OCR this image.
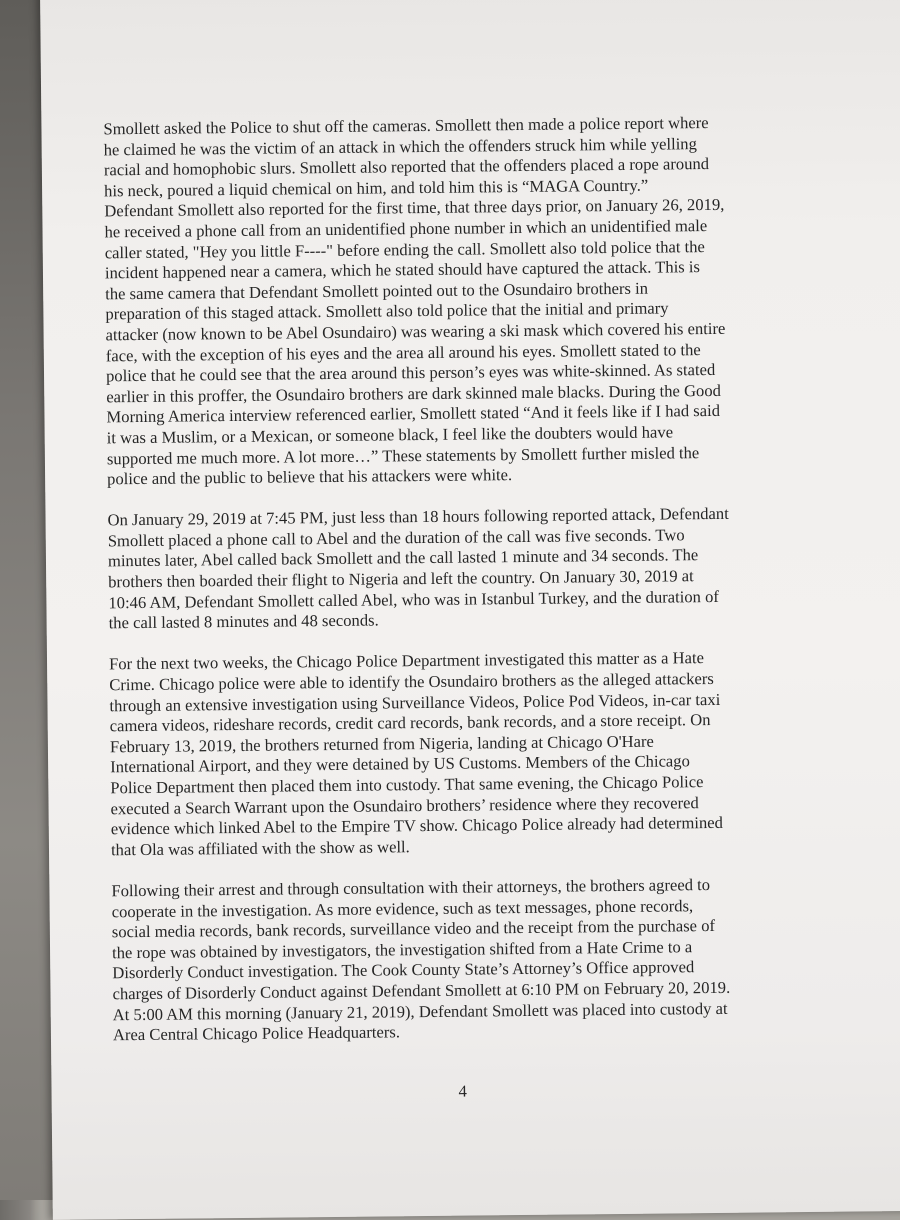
Smollett asked the Police to shut off the cameras. Smollett then made a police report where
he claimed he was the victim of an attack in which the offenders struck him while yelling
racial and homophobic slurs. Smollett also reported that the offenders placed a rope around
his neck, poured a liquid chemical on him, and told him this is “MAGA Country.”
Defendant Smollett also reported for the first time, that three days prior, on January 26, 2019,
he received a phone call from an unidentified phone number in which an unidentified male
caller stated, "Hey you little F----" before ending the call. Smollett also told police that the
incident happened near a camera, which he stated should have captured the attack. This is
the same camera that Defendant Smollett pointed out to the Osundairo brothers in
preparation of this staged attack. Smollett also told police that the initial and primary
attacker (now known to be Abel Osundairo) was wearing a ski mask which covered his entire
face, with the exception of his eyes and the area all around his eyes. Smollett stated to the
police that he could see that the area around this person’s eyes was white-skinned. As stated
earlier in this proffer, the Osundairo brothers are dark skinned male blacks. During the Good
Morning America interview referenced earlier, Smollett stated “And it feels like if I had said
it was a Muslim, or a Mexican, or someone black, I feel like the doubters would have
supported me much more. A lot more…” These statements by Smollett further misled the
police and the public to believe that his attackers were white.

On January 29, 2019 at 7:45 PM, just less than 18 hours following reported attack, Defendant
Smollett placed a phone call to Abel and the duration of the call was five seconds. Two
minutes later, Abel called back Smollett and the call lasted 1 minute and 34 seconds. The
brothers then boarded their flight to Nigeria and left the country. On January 30, 2019 at
10:46 AM, Defendant Smollett called Abel, who was in Istanbul Turkey, and the duration of
the call lasted 8 minutes and 48 seconds.

For the next two weeks, the Chicago Police Department investigated this matter as a Hate
Crime. Chicago police were able to identify the Osundairo brothers as the alleged attackers
through an extensive investigation using Surveillance Videos, Police Pod Videos, in-car taxi
camera videos, rideshare records, credit card records, bank records, and a store receipt. On
February 13, 2019, the brothers returned from Nigeria, landing at Chicago O'Hare
International Airport, and they were detained by US Customs. Members of the Chicago
Police Department then placed them into custody. That same evening, the Chicago Police
executed a Search Warrant upon the Osundairo brothers’ residence where they recovered
evidence which linked Abel to the Empire TV show. Chicago Police already had determined
that Ola was affiliated with the show as well.

Following their arrest and through consultation with their attorneys, the brothers agreed to
cooperate in the investigation. As more evidence, such as text messages, phone records,
social media records, bank records, surveillance video and the receipt from the purchase of
the rope was obtained by investigators, the investigation shifted from a Hate Crime to a
Disorderly Conduct investigation. The Cook County State’s Attorney’s Office approved
charges of Disorderly Conduct against Defendant Smollett at 6:10 PM on February 20, 2019.
At 5:00 AM this morning (January 21, 2019), Defendant Smollett was placed into custody at
Area Central Chicago Police Headquarters.

4
